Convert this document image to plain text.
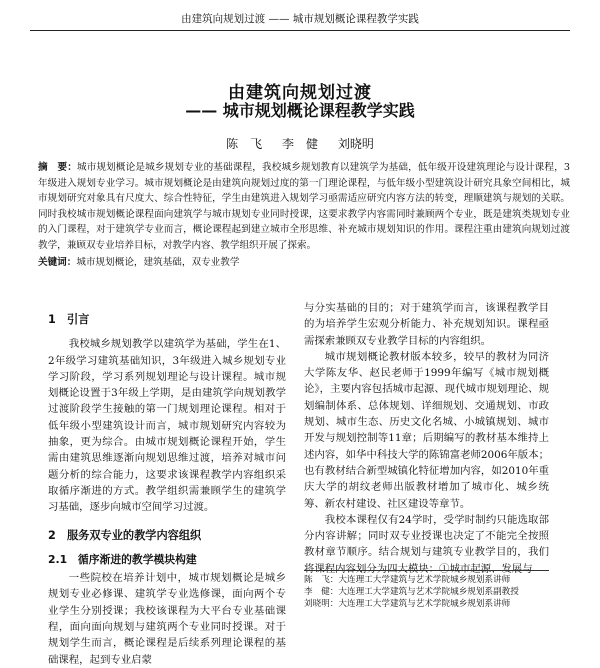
由建筑向规划过渡 —— 城市规划概论课程教学实践
由建筑向规划过渡
—— 城市规划概论课程教学实践
陈　飞 李　健 刘晓明
摘　要：城市规划概论是城乡规划专业的基础课程，我校城乡规划教育以建筑学为基础，低年级开设建筑理论与设计课程，3年级进入规划专业学习。城市规划概论是由建筑向规划过度的第一门理论课程，与低年级小型建筑设计研究具象空间相比，城市规划研究对象具有尺度大、综合性特征，学生由建筑进入规划学习亟需适应研究内容方法的转变，理顺建筑与规划的关联。同时我校城市规划概论课程面向建筑学与城市规划专业同时授课，这要求教学内容需同时兼顾两个专业，既是建筑类规划专业的入门课程，对于建筑学专业而言，概论课程起到建立城市全形思维、补充城市规划知识的作用。课程注重由建筑向规划过渡教学，兼顾双专业培养目标，对教学内容、教学组织开展了探索。
关键词：城市规划概论，建筑基础，双专业教学
1　引言

我校城乡规划教学以建筑学为基础，学生在1、2年级学习建筑基础知识，3年级进入城乡规划专业学习阶段，学习系列规划理论与设计课程。城市规划概论设置于3年级上学期，是由建筑学向规划教学过渡阶段学生接触的第一门规划理论课程。相对于低年级小型建筑设计而言，城市规划研究内容较为抽象，更为综合。由城市规划概论课程开始，学生需由建筑思维逐渐向规划思维过渡，培养对城市问题分析的综合能力，这要求该课程教学内容组织采取循序渐进的方式。教学组织需兼顾学生的建筑学习基础，逐步向城市空间学习过渡。

2　服务双专业的教学内容组织
2.1　循序渐进的教学模块构建

一些院校在培养计划中，城市规划概论是城乡规划专业必修课、建筑学专业选修课，面向两个专业学生分别授课；我校该课程为大平台专业基础课程，面向面向规划与建筑两个专业同时授课。对于规划学生而言，概论课程是后续系列理论课程的基础课程，起到专业启蒙

与分实基础的目的；对于建筑学而言，该课程教学目的为培养学生宏观分析能力、补充规划知识。课程亟需探索兼顾双专业教学目标的内容组织。

城市规划概论教材版本较多，较早的教材为同济大学陈友华、赵民老师于1999年编写《城市规划概论》，主要内容包括城市起源、现代城市规划理论、规划编制体系、总体规划、详细规划、交通规划、市政规划、城市生态、历史文化名城、小城镇规划、城市开发与规划控制等11章；后期编写的教材基本维持上述内容，如华中科技大学的陈锦富老师2006年版本；也有教材结合新型城镇化特征增加内容，如2010年重庆大学的胡纹老师出版教材增加了城市化、城乡统筹、新农村建设、社区建设等章节。

我校本课程仅有24学时，受学时制约只能选取部分内容讲解；同时双专业授课也决定了不能完全按照教材章节顺序。结合规划与建筑专业教学目的，我们将课程内容划分为四大模块：①城市起源、发展与

陈　飞：大连理工大学建筑与艺术学院城乡规划系讲师
李　健：大连理工大学建筑与艺术学院城乡规划系副教授
刘晓明：大连理工大学建筑与艺术学院城乡规划系讲师
